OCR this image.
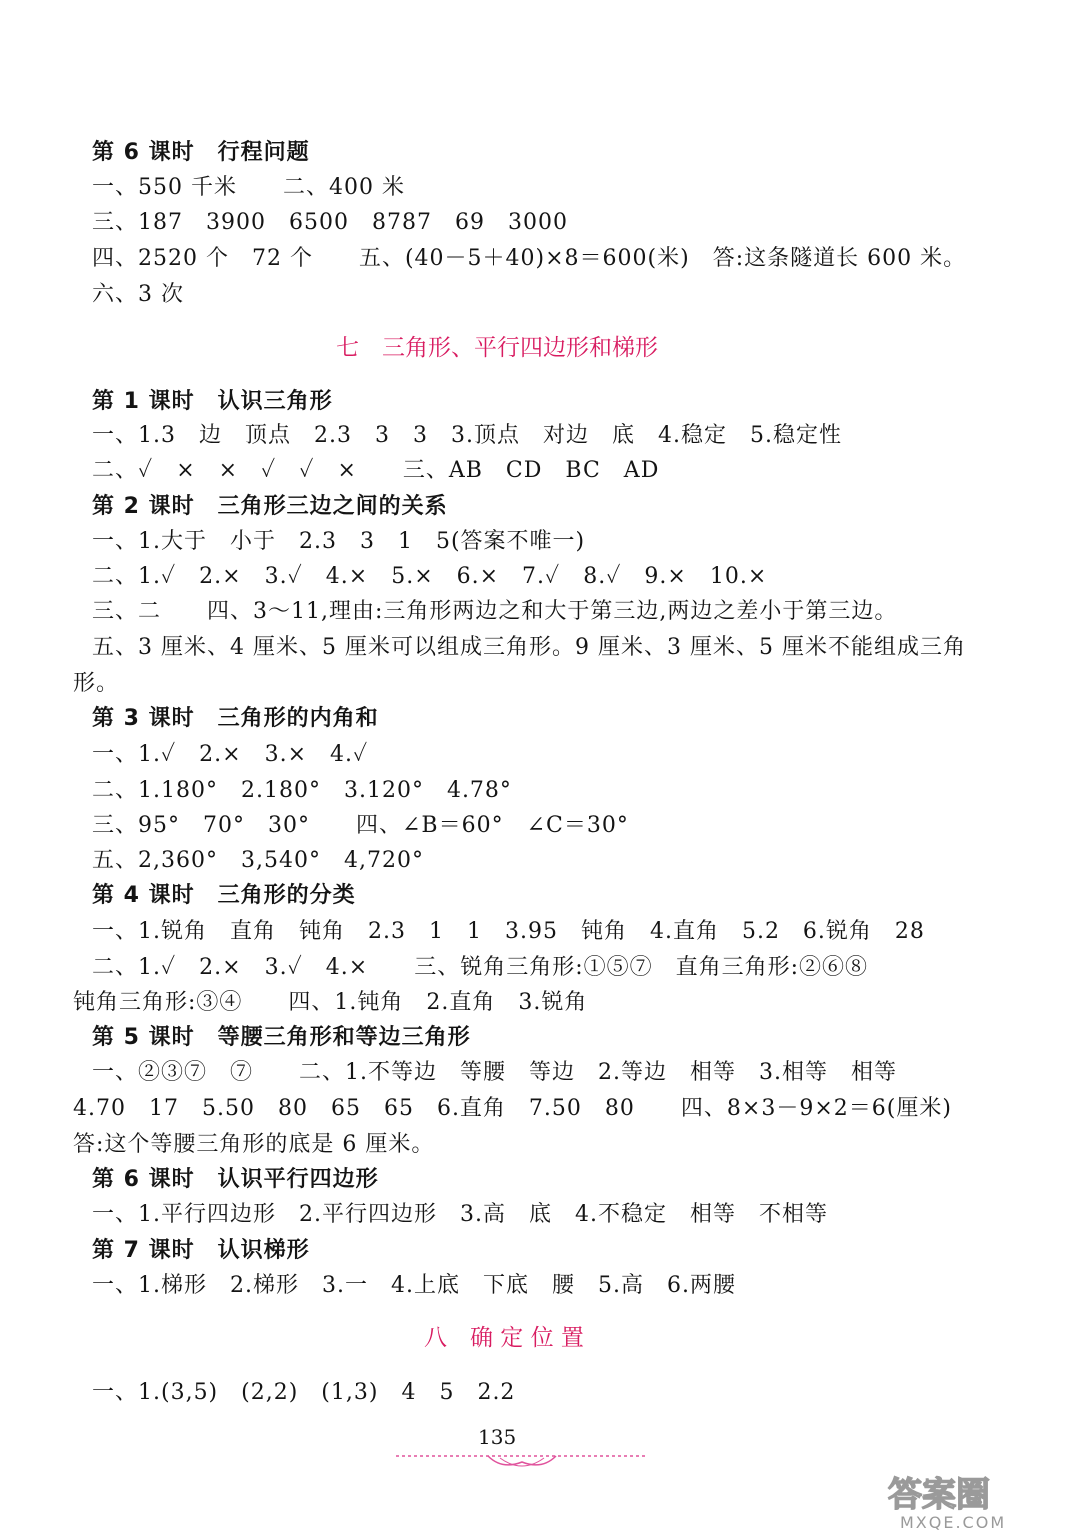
第 6 课时　行程问题
一、550 千米　　二、400 米
三、187　3900　6500　8787　69　3000
四、2520 个　72 个　　五、(40－5＋40)×8＝600(米)　答:这条隧道长 600 米。
六、3 次
七　三角形、平行四边形和梯形
第 1 课时　认识三角形
一、1.3　边　顶点　2.3　3　3　3.顶点　对边　底　4.稳定　5.稳定性
二、✓　×　×　✓　✓　×　　三、AB　CD　BC　AD
第 2 课时　三角形三边之间的关系
一、1.大于　小于　2.3　3　1　5(答案不唯一)
二、1.✓　2.×　3.✓　4.×　5.×　6.×　7.✓　8.✓　9.×　10.×
三、二　　四、3～11,理由:三角形两边之和大于第三边,两边之差小于第三边。
五、3 厘米、4 厘米、5 厘米可以组成三角形。9 厘米、3 厘米、5 厘米不能组成三角
形。
第 3 课时　三角形的内角和
一、1.✓　2.×　3.×　4.✓
二、1.180°　2.180°　3.120°　4.78°
三、95°　70°　30°　　四、∠B＝60°　∠C＝30°
五、2,360°　3,540°　4,720°
第 4 课时　三角形的分类
一、1.锐角　直角　钝角　2.3　1　1　3.95　钝角　4.直角　5.2　6.锐角　28
二、1.✓　2.×　3.✓　4.×　　三、锐角三角形:①⑤⑦　直角三角形:②⑥⑧
钝角三角形:③④　　四、1.钝角　2.直角　3.锐角
第 5 课时　等腰三角形和等边三角形
一、②③⑦　⑦　　二、1.不等边　等腰　等边　2.等边　相等　3.相等　相等
4.70　17　5.50　80　65　65　6.直角　7.50　80　　四、8×3－9×2＝6(厘米)
答:这个等腰三角形的底是 6 厘米。
第 6 课时　认识平行四边形
一、1.平行四边形　2.平行四边形　3.高　底　4.不稳定　相等　不相等
第 7 课时　认识梯形
一、1.梯形　2.梯形　3.一　4.上底　下底　腰　5.高　6.两腰
八　确 定 位 置
一、1.(3,5)　(2,2)　(1,3)　4　5　2.2
135
答案圈
MXQE.COM
